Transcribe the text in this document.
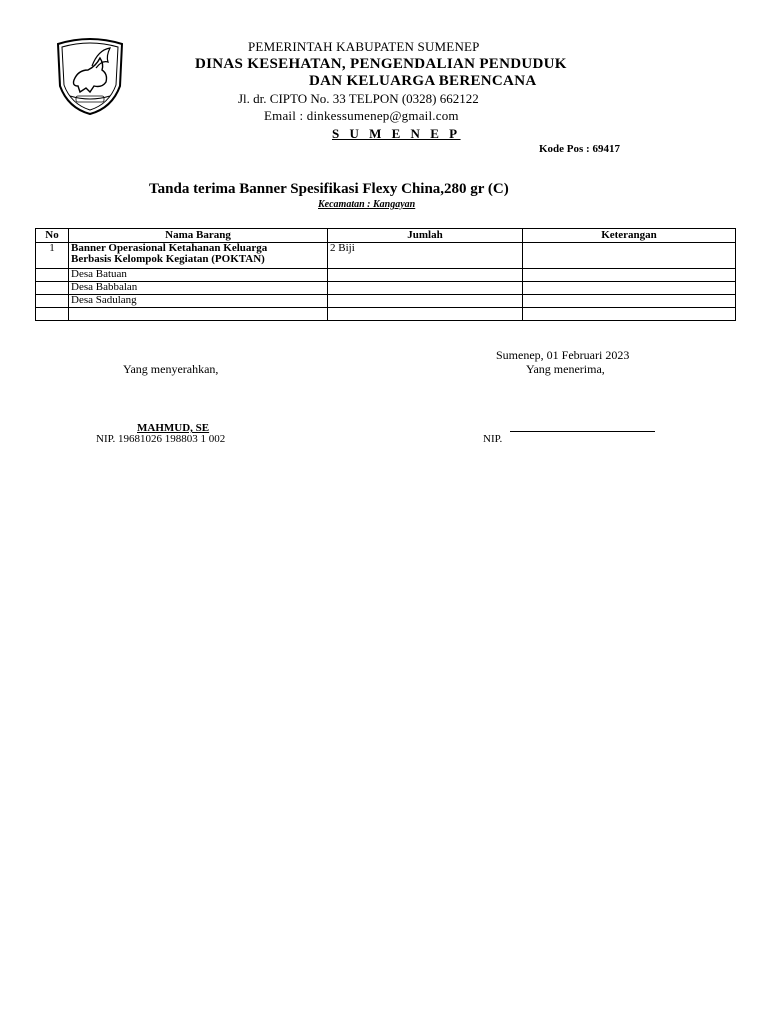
PEMERINTAH KABUPATEN SUMENEP
DINAS KESEHATAN, PENGENDALIAN PENDUDUK
DAN KELUARGA BERENCANA
Jl. dr. CIPTO No. 33 TELPON (0328) 662122
Email : dinkessumenep@gmail.com
S U M E N E P
Kode Pos : 69417
Tanda terima Banner Spesifikasi Flexy China,280 gr (C)
Kecamatan : Kangayan
No	Nama Barang	Jumlah	Keterangan
1	Banner Operasional Ketahanan Keluarga
Berbasis Kelompok Kegiatan (POKTAN)	2 Biji	
	Desa Batuan		
	Desa Babbalan		
	Desa Sadulang		

Sumenep, 01 Februari 2023
Yang menyerahkan,	Yang menerima,
MAHMUD, SE
NIP. 19681026 198803 1 002	NIP.
